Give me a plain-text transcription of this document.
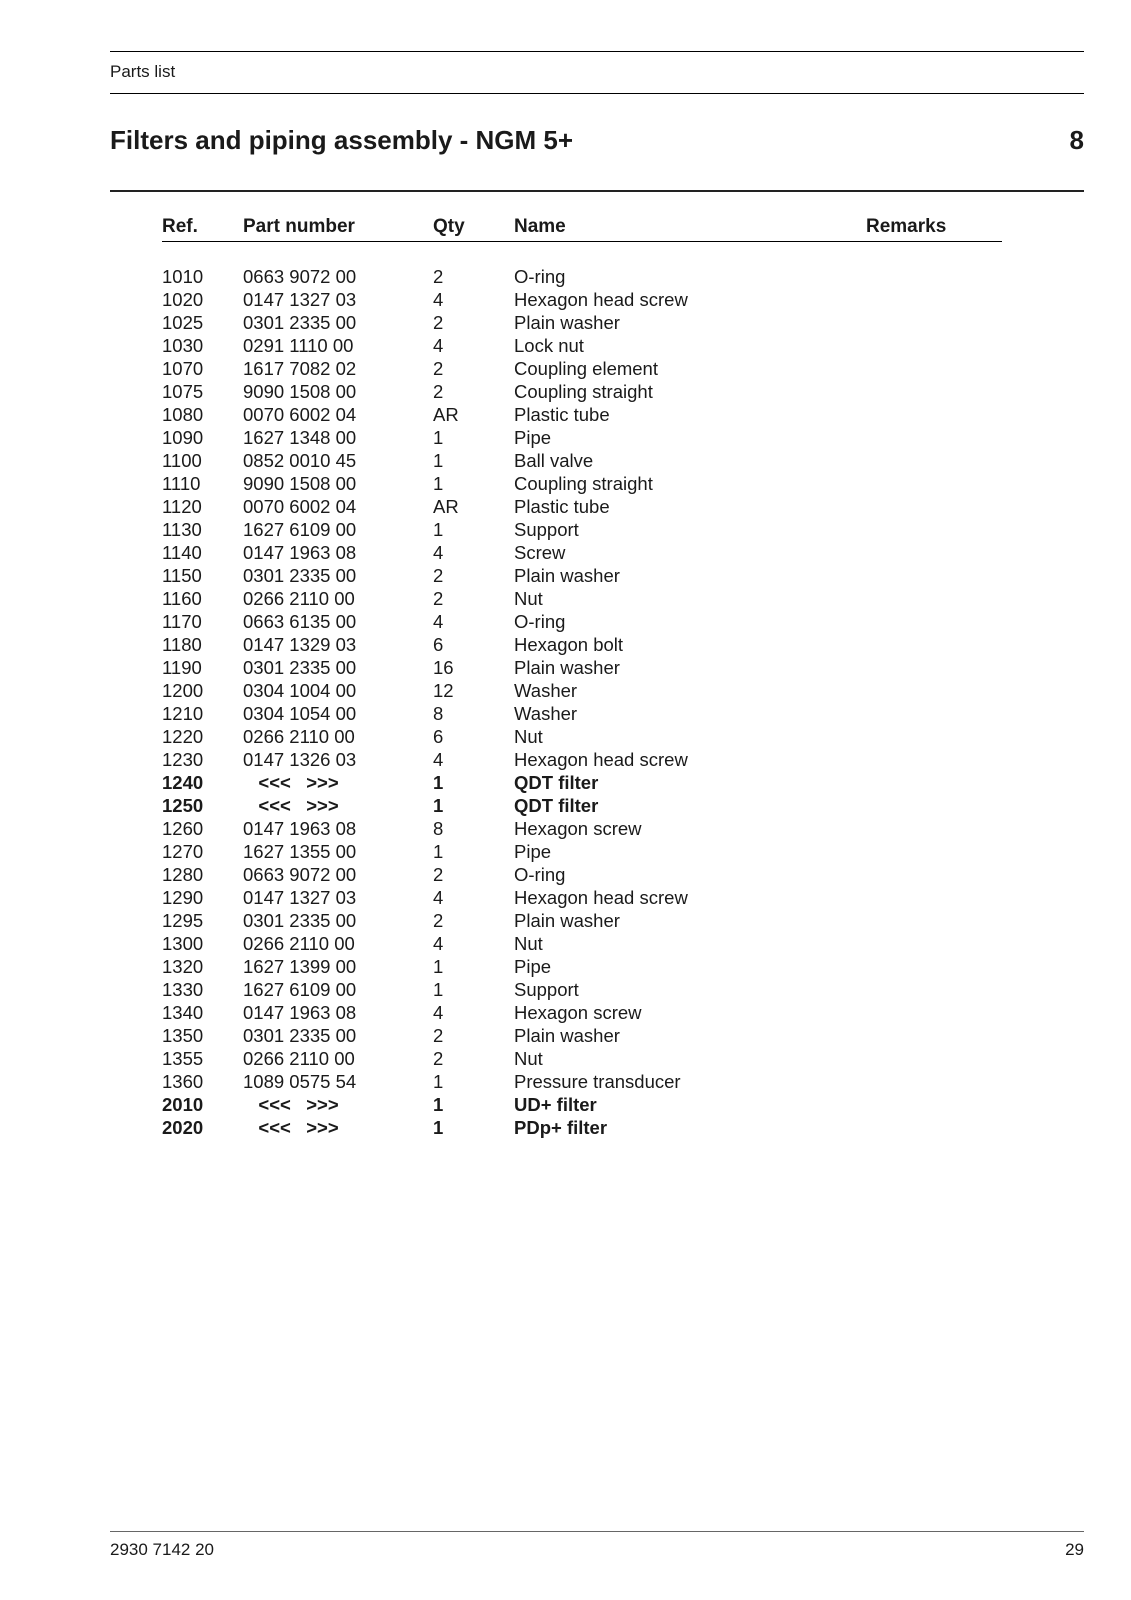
Parts list
Filters and piping assembly - NGM 5+	8
Ref. Part number	Qty	Name	Remarks
1010 0663 9072 00	2	O-ring
1020 0147 1327 03	4	Hexagon head screw
1025 0301 2335 00	2	Plain washer
1030 0291 1110 00	4	Lock nut
1070 1617 7082 02	2	Coupling element
1075 9090 1508 00	2	Coupling straight
1080 0070 6002 04	AR	Plastic tube
1090 1627 1348 00	1	Pipe
1100 0852 0010 45	1	Ball valve
1110 9090 1508 00	1	Coupling straight
1120 0070 6002 04	AR	Plastic tube
1130 1627 6109 00	1	Support
1140 0147 1963 08	4	Screw
1150 0301 2335 00	2	Plain washer
1160 0266 2110 00	2	Nut
1170 0663 6135 00	4	O-ring
1180 0147 1329 03	6	Hexagon bolt
1190 0301 2335 00	16	Plain washer
1200 0304 1004 00	12	Washer
1210 0304 1054 00	8	Washer
1220 0266 2110 00	6	Nut
1230 0147 1326 03	4	Hexagon head screw
1240 <<<   >>>	1	QDT filter
1250 <<<   >>>	1	QDT filter
1260 0147 1963 08	8	Hexagon screw
1270 1627 1355 00	1	Pipe
1280 0663 9072 00	2	O-ring
1290 0147 1327 03	4	Hexagon head screw
1295 0301 2335 00	2	Plain washer
1300 0266 2110 00	4	Nut
1320 1627 1399 00	1	Pipe
1330 1627 6109 00	1	Support
1340 0147 1963 08	4	Hexagon screw
1350 0301 2335 00	2	Plain washer
1355 0266 2110 00	2	Nut
1360 1089 0575 54	1	Pressure transducer
2010 <<<   >>>	1	UD+ filter
2020 <<<   >>>	1	PDp+ filter
2930 7142 20	29
